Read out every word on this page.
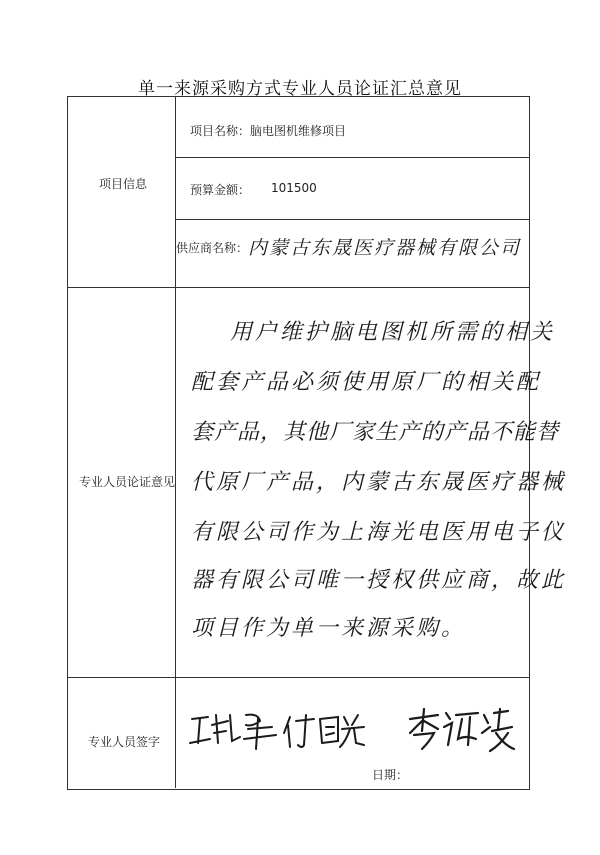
单一来源采购方式专业人员论证汇总意见
项目信息
项目名称： 脑电图机维修项目
预算金额： 101500
供应商名称： 内蒙古东晟医疗器械有限公司
专业人员论证意见
用户维护脑电图机所需的相关
配套产品必须使用原厂的相关配
套产品，其他厂家生产的产品不能替
代原厂产品，内蒙古东晟医疗器械
有限公司作为上海光电医用电子仪
器有限公司唯一授权供应商，故此
项目作为单一来源采购。
专业人员签字
日期：
